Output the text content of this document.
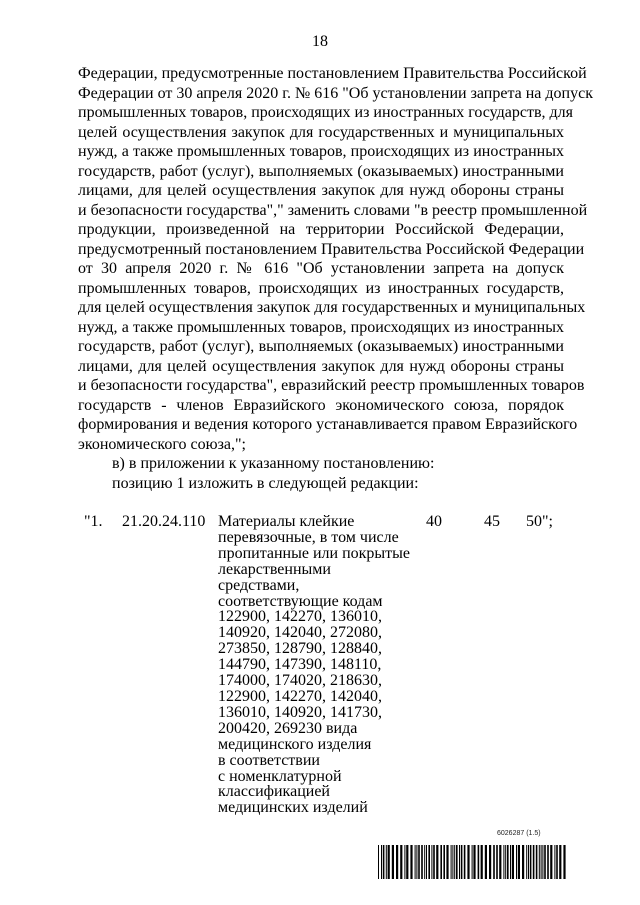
18
Федерации, предусмотренные постановлением Правительства Российской
Федерации от 30 апреля 2020 г. № 616 "Об установлении запрета на допуск
промышленных товаров, происходящих из иностранных государств, для
целей осуществления закупок для государственных и муниципальных
нужд, а также промышленных товаров, происходящих из иностранных
государств, работ (услуг), выполняемых (оказываемых) иностранными
лицами, для целей осуществления закупок для нужд обороны страны
и безопасности государства"," заменить словами "в реестр промышленной
продукции, произведенной на территории Российской Федерации,
предусмотренный постановлением Правительства Российской Федерации
от 30 апреля 2020 г. № 616 "Об установлении запрета на допуск
промышленных товаров, происходящих из иностранных государств,
для целей осуществления закупок для государственных и муниципальных
нужд, а также промышленных товаров, происходящих из иностранных
государств, работ (услуг), выполняемых (оказываемых) иностранными
лицами, для целей осуществления закупок для нужд обороны страны
и безопасности государства", евразийский реестр промышленных товаров
государств - членов Евразийского экономического союза, порядок
формирования и ведения которого устанавливается правом Евразийского
экономического союза,";
в) в приложении к указанному постановлению:
позицию 1 изложить в следующей редакции:
"1. 21.20.24.110 Материалы клейкие
перевязочные, в том числе
пропитанные или покрытые
лекарственными
средствами,
соответствующие кодам
122900, 142270, 136010,
140920, 142040, 272080,
273850, 128790, 128840,
144790, 147390, 148110,
174000, 174020, 218630,
122900, 142270, 142040,
136010, 140920, 141730,
200420, 269230 вида
медицинского изделия
в соответствии
с номенклатурной
классификацией
медицинских изделий
40	45 50";
6026287 (1.5)
